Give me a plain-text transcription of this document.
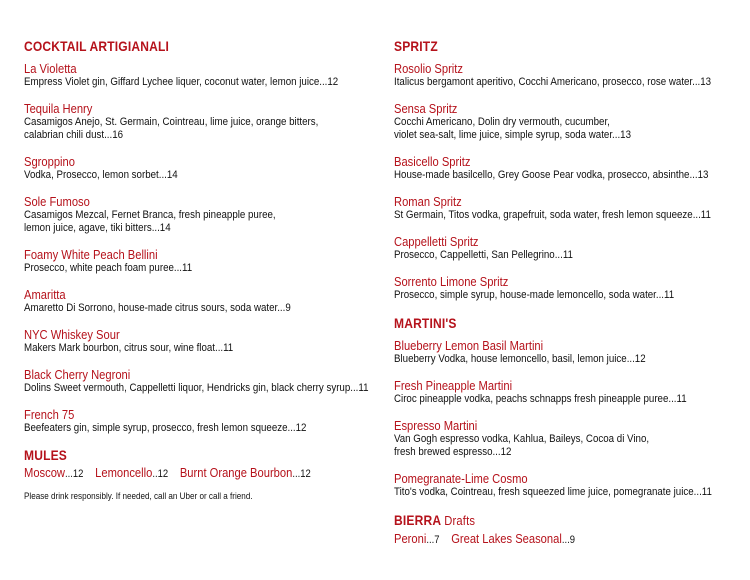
COCKTAIL ARTIGIANALI
La Violetta
Empress Violet gin, Giffard Lychee liquer, coconut water, lemon juice...12
Tequila Henry
Casamigos Anejo, St. Germain, Cointreau, lime juice, orange bitters,
calabrian chili dust...16
Sgroppino
Vodka, Prosecco, lemon sorbet...14
Sole Fumoso
Casamigos Mezcal, Fernet Branca, fresh pineapple puree,
lemon juice, agave, tiki bitters...14
Foamy White Peach Bellini
Prosecco, white peach foam puree...11
Amaritta
Amaretto Di Sorrono, house-made citrus sours, soda water...9
NYC Whiskey Sour
Makers Mark bourbon, citrus sour, wine float...11
Black Cherry Negroni
Dolins Sweet vermouth, Cappelletti liquor, Hendricks gin, black cherry syrup...11
French 75
Beefeaters gin, simple syrup, prosecco, fresh lemon squeeze...12
MULES
Moscow...12 Lemoncello..12 Burnt Orange Bourbon...12
Please drink responsibly. If needed, call an Uber or call a friend.
SPRITZ
Rosolio Spritz
Italicus bergamont aperitivo, Cocchi Americano, prosecco, rose water...13
Sensa Spritz
Cocchi Americano, Dolin dry vermouth, cucumber,
violet sea-salt, lime juice, simple syrup, soda water...13
Basicello Spritz
House-made basilcello, Grey Goose Pear vodka, prosecco, absinthe...13
Roman Spritz
St Germain, Titos vodka, grapefruit, soda water, fresh lemon squeeze...11
Cappelletti Spritz
Prosecco, Cappelletti, San Pellegrino...11
Sorrento Limone Spritz
Prosecco, simple syrup, house-made lemoncello, soda water...11
MARTINI'S
Blueberry Lemon Basil Martini
Blueberry Vodka, house lemoncello, basil, lemon juice...12
Fresh Pineapple Martini
Ciroc pineapple vodka, peachs schnapps fresh pineapple puree...11
Espresso Martini
Van Gogh espresso vodka, Kahlua, Baileys, Cocoa di Vino,
fresh brewed espresso...12
Pomegranate-Lime Cosmo
Tito's vodka, Cointreau, fresh squeezed lime juice, pomegranate juice...11
BIERRA Drafts
Peroni...7 Great Lakes Seasonal...9
